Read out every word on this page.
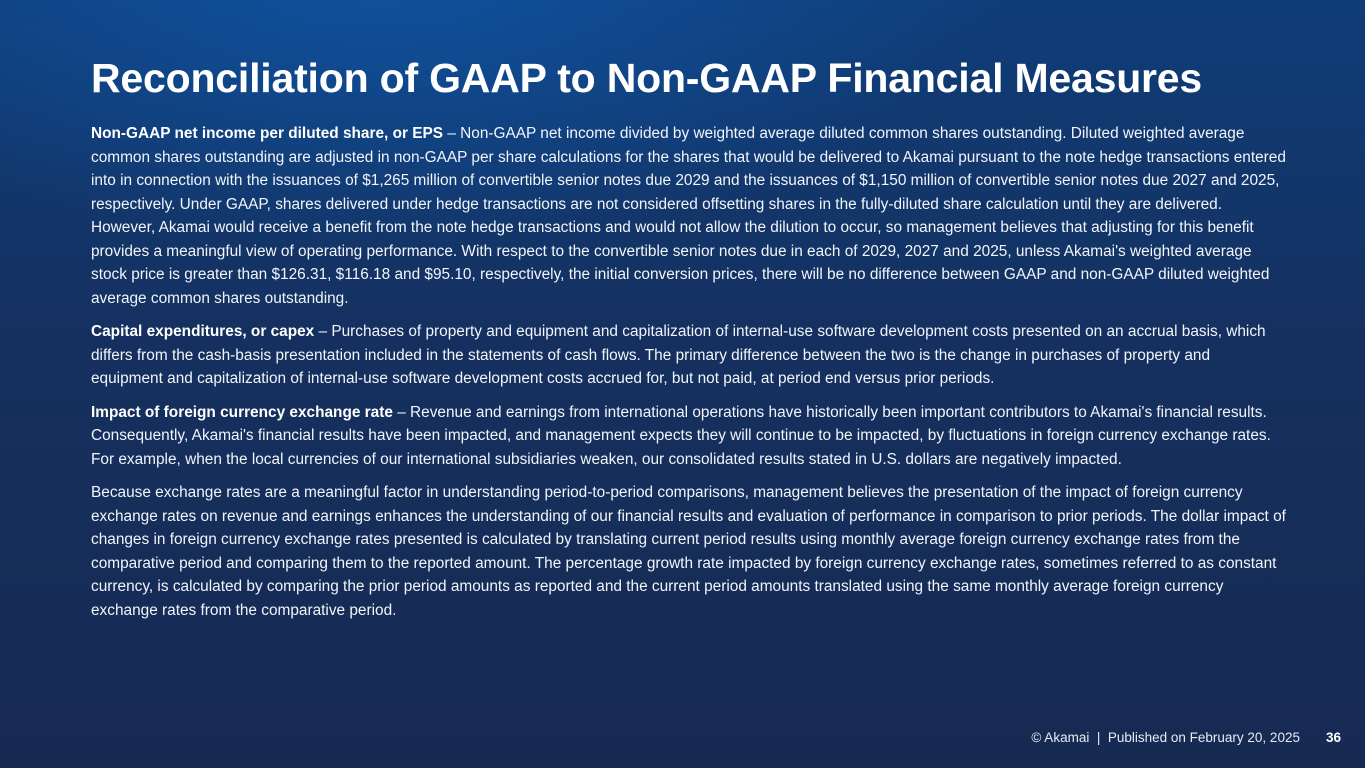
Reconciliation of GAAP to Non-GAAP Financial Measures

Non-GAAP net income per diluted share, or EPS – Non-GAAP net income divided by weighted average diluted common shares outstanding. Diluted weighted average common shares outstanding are adjusted in non-GAAP per share calculations for the shares that would be delivered to Akamai pursuant to the note hedge transactions entered into in connection with the issuances of $1,265 million of convertible senior notes due 2029 and the issuances of $1,150 million of convertible senior notes due 2027 and 2025, respectively. Under GAAP, shares delivered under hedge transactions are not considered offsetting shares in the fully-diluted share calculation until they are delivered. However, Akamai would receive a benefit from the note hedge transactions and would not allow the dilution to occur, so management believes that adjusting for this benefit provides a meaningful view of operating performance. With respect to the convertible senior notes due in each of 2029, 2027 and 2025, unless Akamai's weighted average stock price is greater than $126.31, $116.18 and $95.10, respectively, the initial conversion prices, there will be no difference between GAAP and non-GAAP diluted weighted average common shares outstanding.

Capital expenditures, or capex – Purchases of property and equipment and capitalization of internal-use software development costs presented on an accrual basis, which differs from the cash-basis presentation included in the statements of cash flows. The primary difference between the two is the change in purchases of property and equipment and capitalization of internal-use software development costs accrued for, but not paid, at period end versus prior periods.

Impact of foreign currency exchange rate – Revenue and earnings from international operations have historically been important contributors to Akamai's financial results. Consequently, Akamai's financial results have been impacted, and management expects they will continue to be impacted, by fluctuations in foreign currency exchange rates. For example, when the local currencies of our international subsidiaries weaken, our consolidated results stated in U.S. dollars are negatively impacted.

Because exchange rates are a meaningful factor in understanding period-to-period comparisons, management believes the presentation of the impact of foreign currency exchange rates on revenue and earnings enhances the understanding of our financial results and evaluation of performance in comparison to prior periods. The dollar impact of changes in foreign currency exchange rates presented is calculated by translating current period results using monthly average foreign currency exchange rates from the comparative period and comparing them to the reported amount. The percentage growth rate impacted by foreign currency exchange rates, sometimes referred to as constant currency, is calculated by comparing the prior period amounts as reported and the current period amounts translated using the same monthly average foreign currency exchange rates from the comparative period.

© Akamai  |  Published on February 20, 2025 36
